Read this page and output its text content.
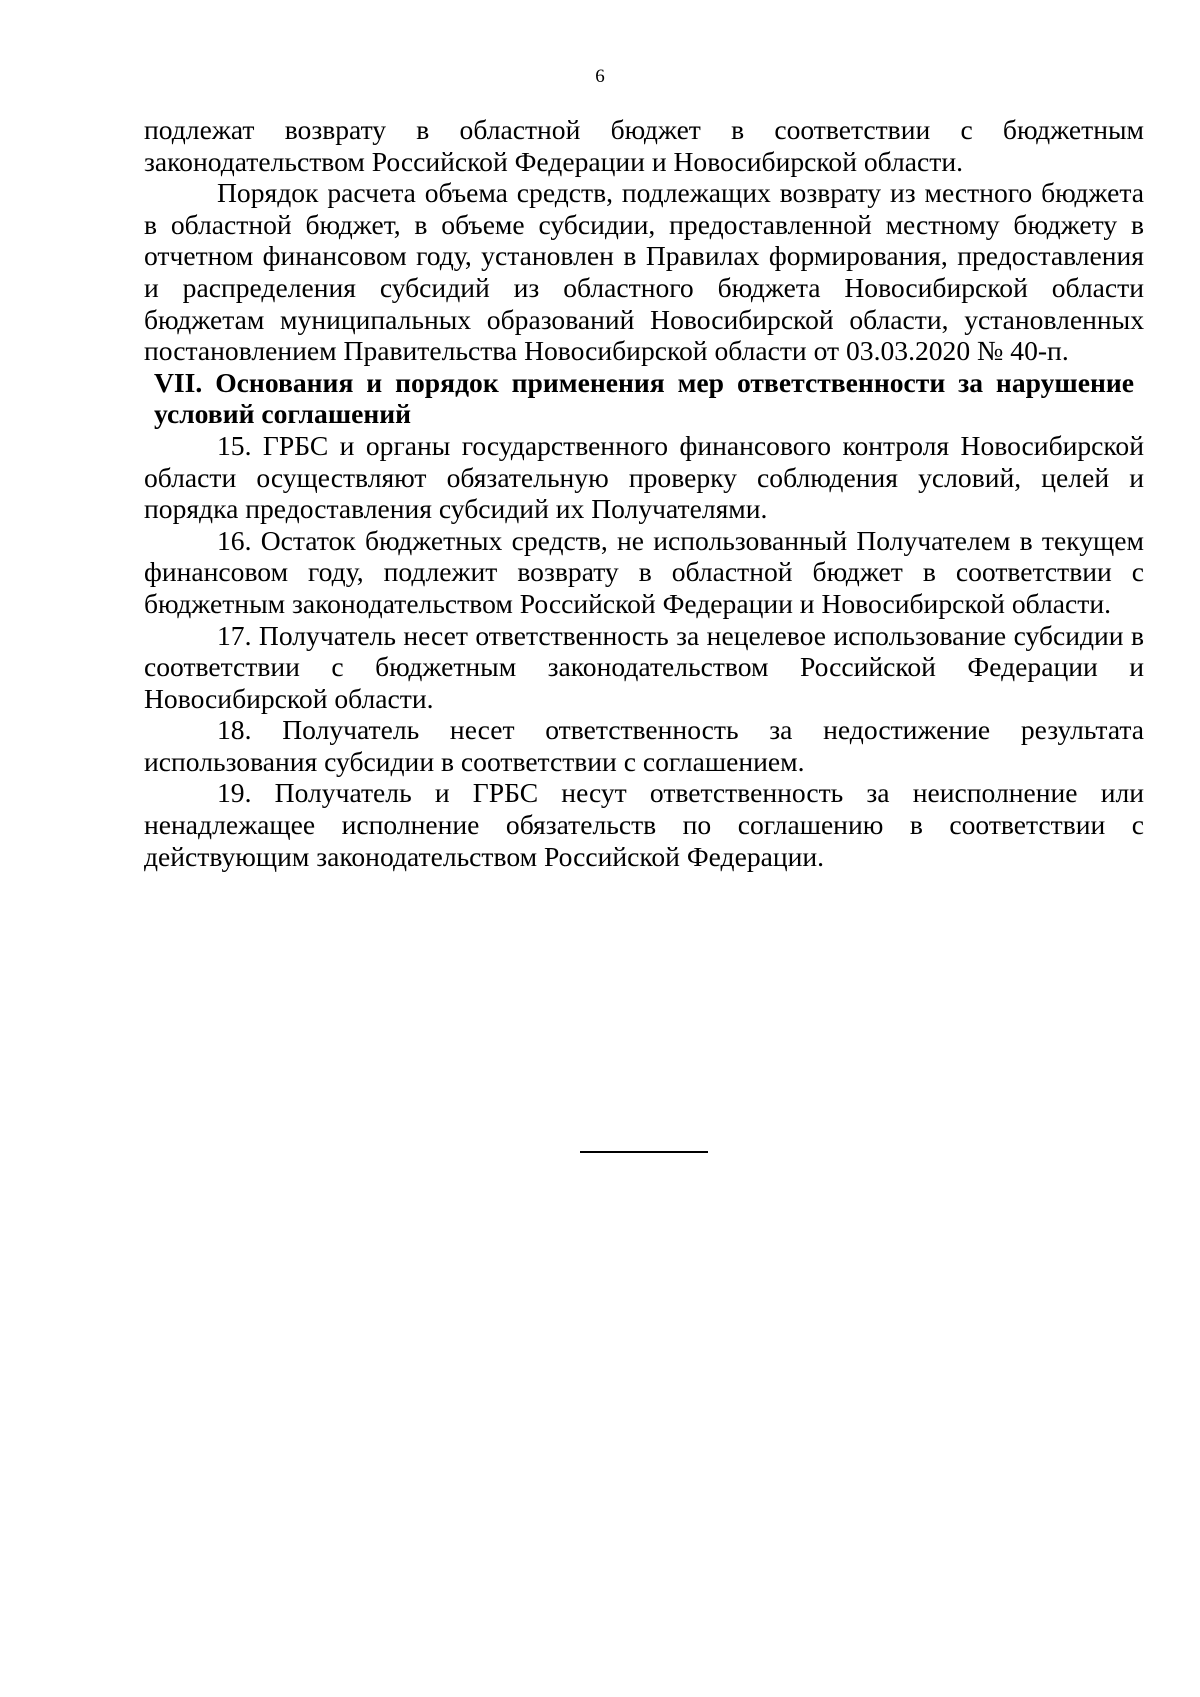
6

подлежат возврату в областной бюджет в соответствии с бюджетным законодательством Российской Федерации и Новосибирской области.

Порядок расчета объема средств, подлежащих возврату из местного бюджета в областной бюджет, в объеме субсидии, предоставленной местному бюджету в отчетном финансовом году, установлен в Правилах формирования, предоставления и распределения субсидий из областного бюджета Новосибирской области бюджетам муниципальных образований Новосибирской области, установленных постановлением Правительства Новосибирской области от 03.03.2020 № 40-п.

VII. Основания и порядок применения мер ответственности за нарушение условий соглашений

15. ГРБС и органы государственного финансового контроля Новосибирской области осуществляют обязательную проверку соблюдения условий, целей и порядка предоставления субсидий их Получателями.

16. Остаток бюджетных средств, не использованный Получателем в текущем финансовом году, подлежит возврату в областной бюджет в соответствии с бюджетным законодательством Российской Федерации и Новосибирской области.

17. Получатель несет ответственность за нецелевое использование субсидии в соответствии с бюджетным законодательством Российской Федерации и Новосибирской области.

18. Получатель несет ответственность за недостижение результата использования субсидии в соответствии с соглашением.

19. Получатель и ГРБС несут ответственность за неисполнение или ненадлежащее исполнение обязательств по соглашению в соответствии с действующим законодательством Российской Федерации.
